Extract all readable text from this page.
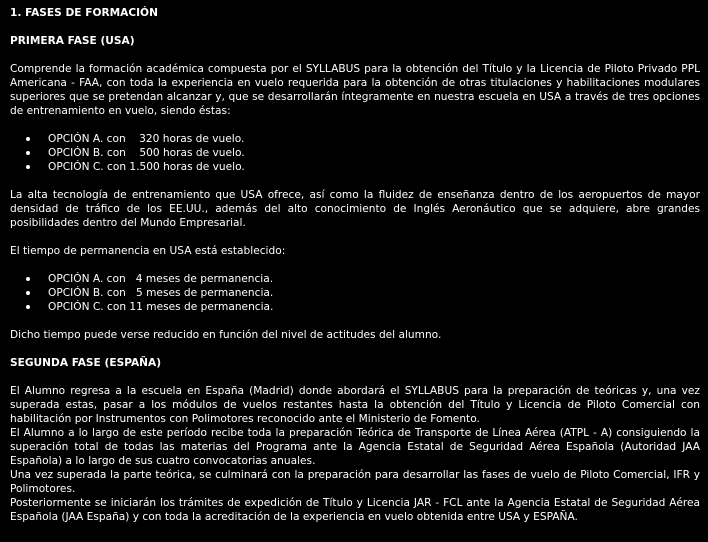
1. FASES DE FORMACIÓN
PRIMERA FASE (USA)

Comprende la formación académica compuesta por el SYLLABUS para la obtención del Título y la Licencia de Piloto Privado PPL Americana - FAA, con toda la experiencia en vuelo requerida para la obtención de otras titulaciones y habilitaciones modulares superiores que se pretendan alcanzar y, que se desarrollarán íntegramente en nuestra escuela en USA a través de tres opciones de entrenamiento en vuelo, siendo éstas:

OPCIÓN A. con    320 horas de vuelo.
OPCIÓN B. con    500 horas de vuelo.
OPCIÓN C. con 1.500 horas de vuelo.

La alta tecnología de entrenamiento que USA ofrece, así como la fluidez de enseñanza dentro de los aeropuertos de mayor densidad de tráfico de los EE.UU., además del alto conocimiento de Inglés Aeronáutico que se adquiere, abre grandes posibilidades dentro del Mundo Empresarial.

El tiempo de permanencia en USA está establecido:

OPCIÓN A. con   4 meses de permanencia.
OPCIÓN B. con   5 meses de permanencia.
OPCIÓN C. con 11 meses de permanencia.

Dicho tiempo puede verse reducido en función del nivel de actitudes del alumno.

SEGUNDA FASE (ESPAÑA)

El Alumno regresa a la escuela en España (Madrid) donde abordará el SYLLABUS para la preparación de teóricas y, una vez superada estas, pasar a los módulos de vuelos restantes hasta la obtención del Título y Licencia de Piloto Comercial con habilitación por Instrumentos con Polimotores reconocido ante el Ministerio de Fomento.

El Alumno a lo largo de este período recibe toda la preparación Teórica de Transporte de Línea Aérea (ATPL - A) consiguiendo la superación total de todas las materias del Programa ante la Agencia Estatal de Seguridad Aérea Española (Autoridad JAA Española) a lo largo de sus cuatro convocatorias anuales.

Una vez superada la parte teórica, se culminará con la preparación para desarrollar las fases de vuelo de Piloto Comercial, IFR y Polimotores.

Posteriormente se iniciarán los trámites de expedición de Título y Licencia JAR - FCL ante la Agencia Estatal de Seguridad Aérea Española (JAA España) y con toda la acreditación de la experiencia en vuelo obtenida entre USA y ESPAÑA.
